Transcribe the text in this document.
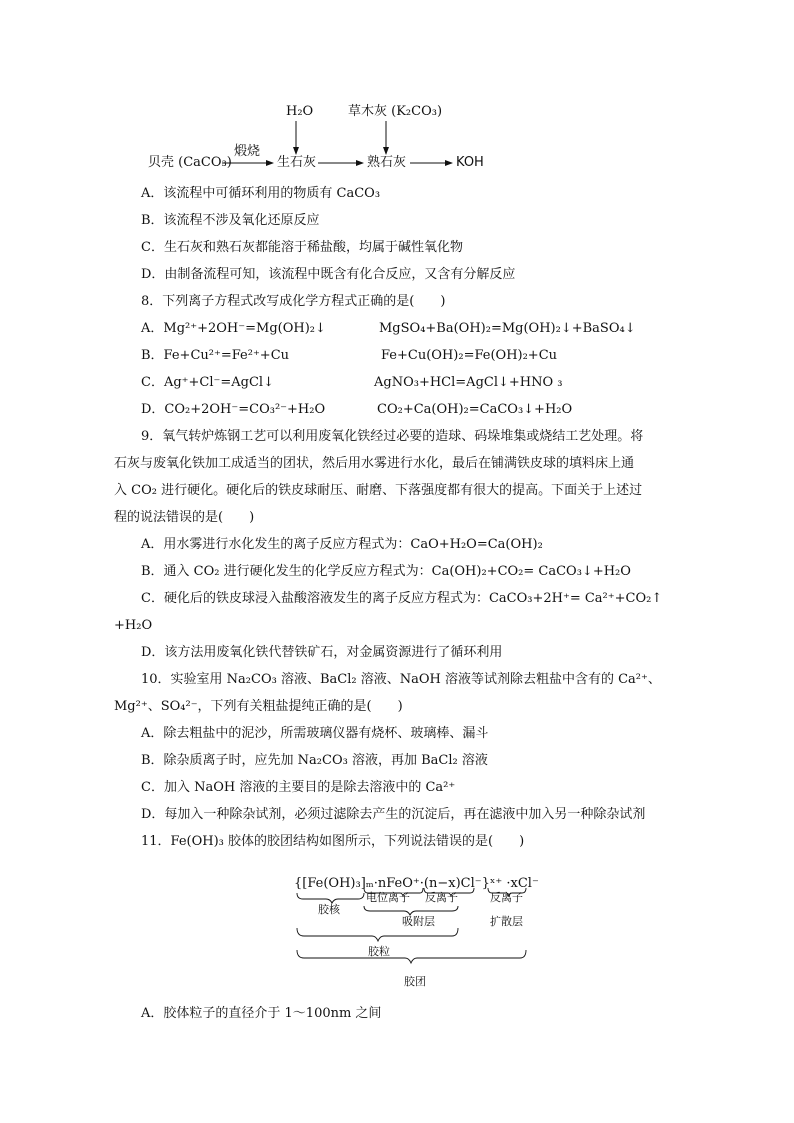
H₂O	草木灰 (K₂CO₃)
煅烧
贝壳 (CaCO₃)	生石灰	熟石灰	KOH
A．该流程中可循环利用的物质有 CaCO₃
B．该流程不涉及氧化还原反应
C．生石灰和熟石灰都能溶于稀盐酸，均属于碱性氧化物
D．由制备流程可知，该流程中既含有化合反应，又含有分解反应
8．下列离子方程式改写成化学方程式正确的是(　　)
A．Mg²⁺+2OH⁻=Mg(OH)₂↓	MgSO₄+Ba(OH)₂=Mg(OH)₂↓+BaSO₄↓
B．Fe+Cu²⁺=Fe²⁺+Cu	Fe+Cu(OH)₂=Fe(OH)₂+Cu
C．Ag⁺+Cl⁻=AgCl↓	AgNO₃+HCl=AgCl↓+HNO ₃
D．CO₂+2OH⁻=CO₃²⁻+H₂O	CO₂+Ca(OH)₂=CaCO₃↓+H₂O
9．氧气转炉炼钢工艺可以利用废氧化铁经过必要的造球、码垛堆集或烧结工艺处理。将
石灰与废氧化铁加工成适当的团状，然后用水雾进行水化，最后在铺满铁皮球的填料床上通
入 CO₂ 进行硬化。硬化后的铁皮球耐压、耐磨、下落强度都有很大的提高。下面关于上述过
程的说法错误的是(　　)
A．用水雾进行水化发生的离子反应方程式为：CaO+H₂O=Ca(OH)₂
B．通入 CO₂ 进行硬化发生的化学反应方程式为：Ca(OH)₂+CO₂= CaCO₃↓+H₂O
C．硬化后的铁皮球浸入盐酸溶液发生的离子反应方程式为：CaCO₃+2H⁺= Ca²⁺+CO₂↑
+H₂O
D．该方法用废氧化铁代替铁矿石，对金属资源进行了循环利用
10．实验室用 Na₂CO₃ 溶液、BaCl₂ 溶液、NaOH 溶液等试剂除去粗盐中含有的 Ca²⁺、
Mg²⁺、SO₄²⁻，下列有关粗盐提纯正确的是(　　)
A．除去粗盐中的泥沙，所需玻璃仪器有烧杯、玻璃棒、漏斗
B．除杂质离子时，应先加 Na₂CO₃ 溶液，再加 BaCl₂ 溶液
C．加入 NaOH 溶液的主要目的是除去溶液中的 Ca²⁺
D．每加入一种除杂试剂，必须过滤除去产生的沉淀后，再在滤液中加入另一种除杂试剂
11．Fe(OH)₃ 胶体的胶团结构如图所示，下列说法错误的是(　　)
{[Fe(OH)₃]ₘ·nFeO⁺·(n−x)Cl⁻}ˣ⁺ ·xCl⁻
胶核
电位离子 反离子	反离子
吸附层	扩散层
胶粒
胶团
A．胶体粒子的直径介于 1～100nm 之间
